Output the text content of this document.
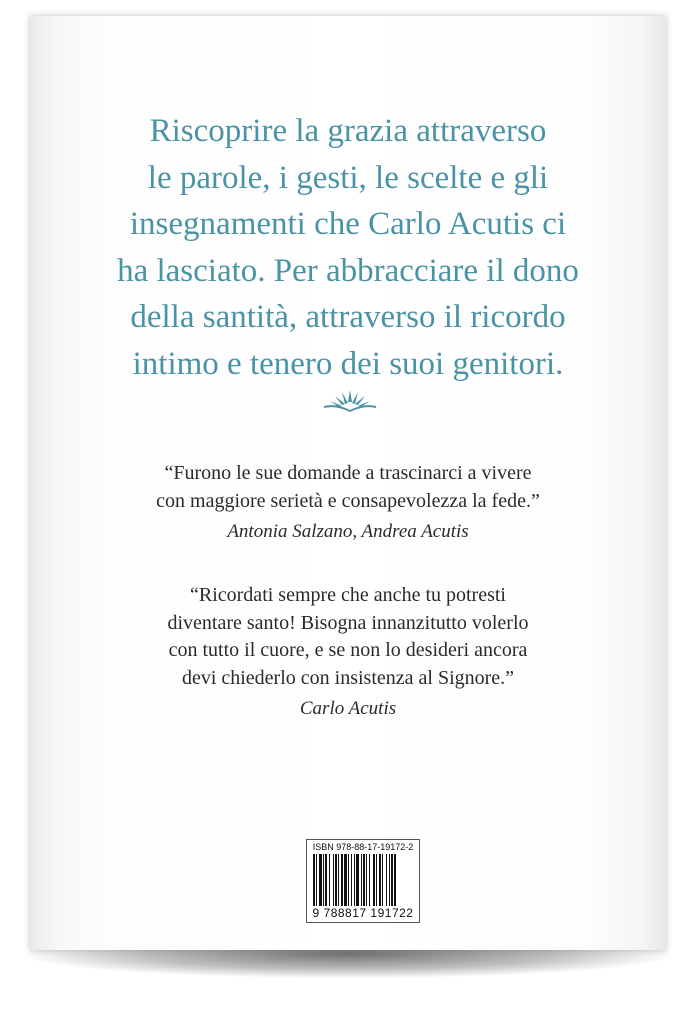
Riscoprire la grazia attraverso
le parole, i gesti, le scelte e gli
insegnamenti che Carlo Acutis ci
ha lasciato. Per abbracciare il dono
della santità, attraverso il ricordo
intimo e tenero dei suoi genitori.
“Furono le sue domande a trascinarci a vivere
con maggiore serietà e consapevolezza la fede.”
Antonia Salzano, Andrea Acutis
“Ricordati sempre che anche tu potresti
diventare santo! Bisogna innanzitutto volerlo
con tutto il cuore, e se non lo desideri ancora
devi chiederlo con insistenza al Signore.”
Carlo Acutis
ISBN 978-88-17-19172-2
9 788817 191722
